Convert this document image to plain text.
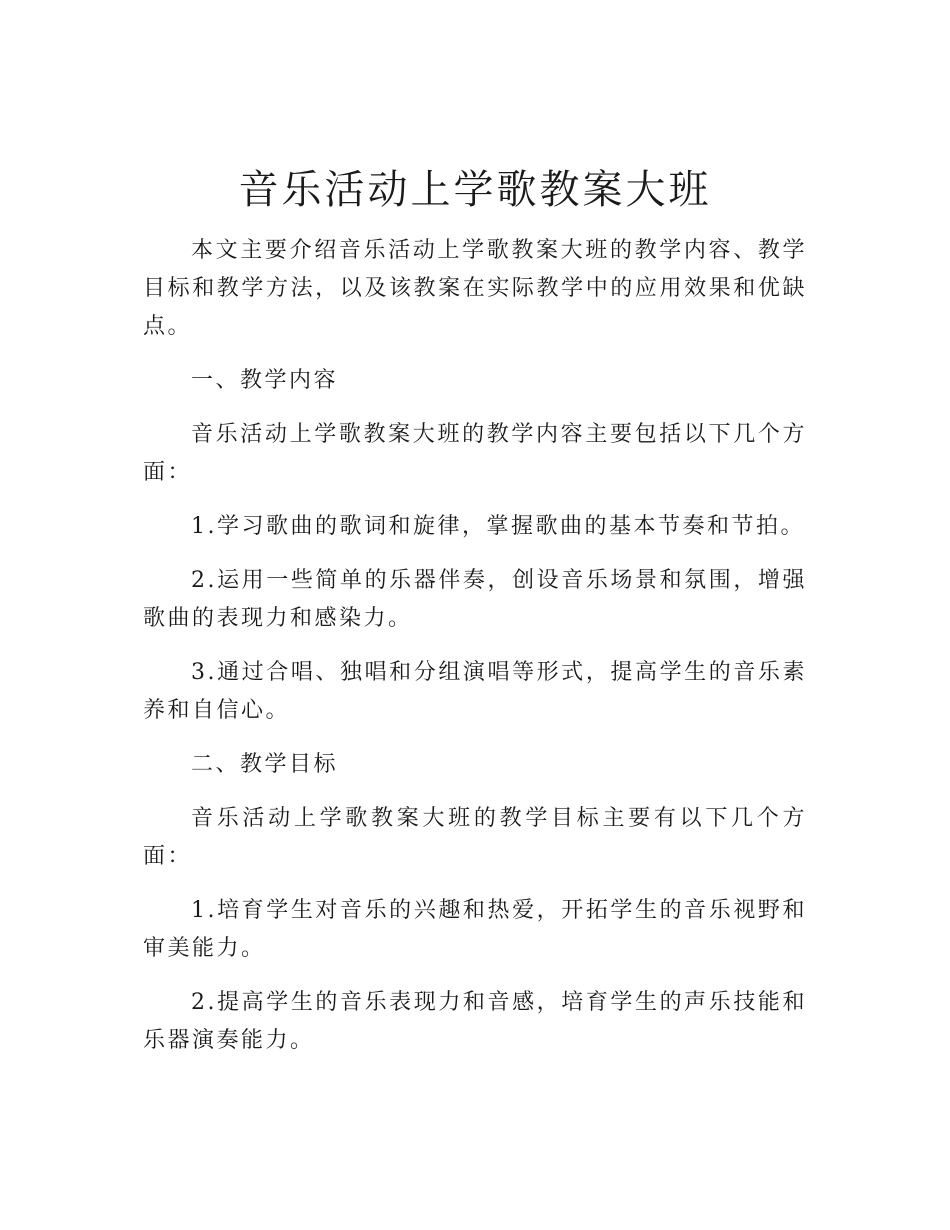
音乐活动上学歌教案大班

本文主要介绍音乐活动上学歌教案大班的教学内容、教学目标和教学方法，以及该教案在实际教学中的应用效果和优缺点。

一、教学内容

音乐活动上学歌教案大班的教学内容主要包括以下几个方面：

1.学习歌曲的歌词和旋律，掌握歌曲的基本节奏和节拍。

2.运用一些简单的乐器伴奏，创设音乐场景和氛围，增强歌曲的表现力和感染力。

3.通过合唱、独唱和分组演唱等形式，提高学生的音乐素养和自信心。

二、教学目标

音乐活动上学歌教案大班的教学目标主要有以下几个方面：

1.培育学生对音乐的兴趣和热爱，开拓学生的音乐视野和审美能力。

2.提高学生的音乐表现力和音感，培育学生的声乐技能和乐器演奏能力。
